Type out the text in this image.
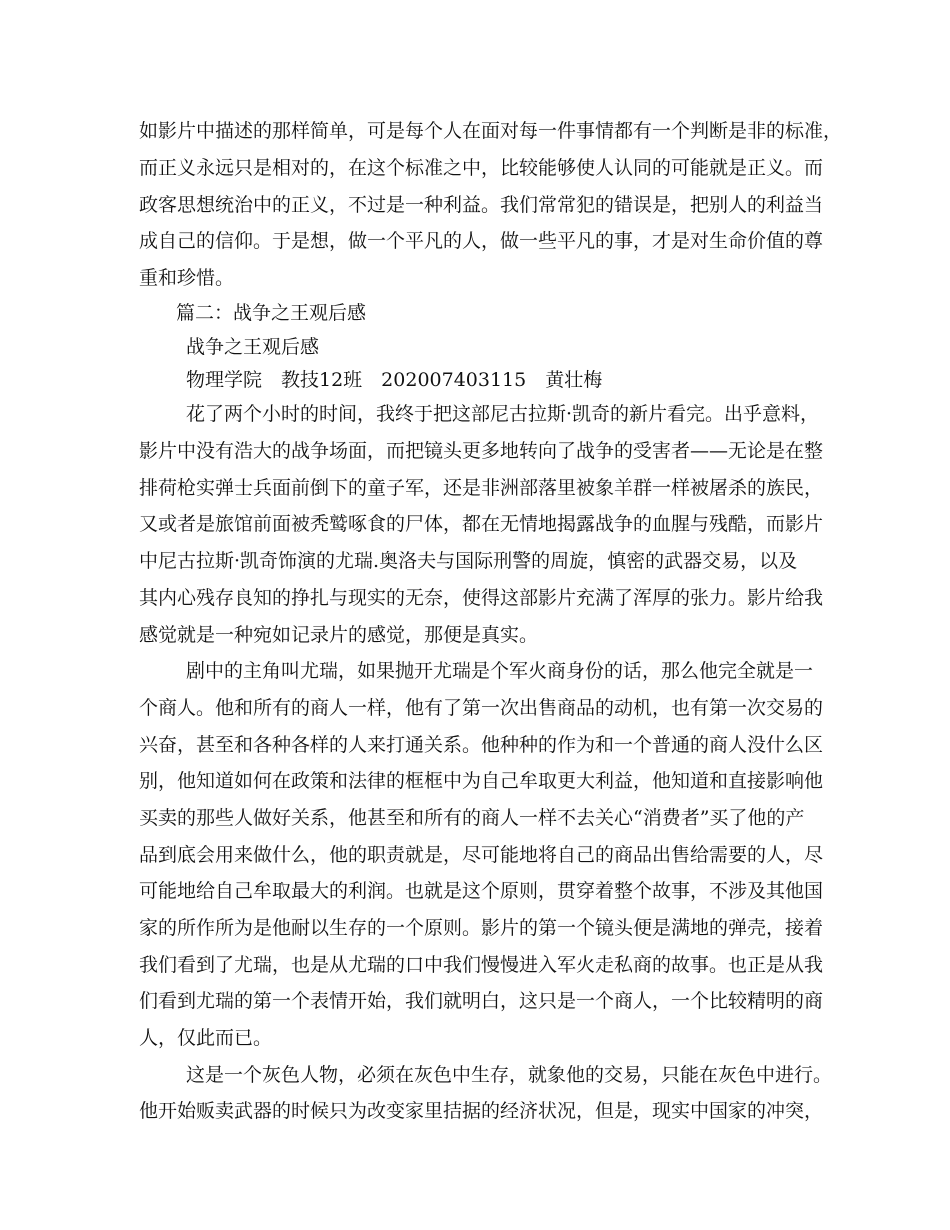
如影片中描述的那样简单，可是每个人在面对每一件事情都有一个判断是非的标准，
而正义永远只是相对的，在这个标准之中，比较能够使人认同的可能就是正义。而
政客思想统治中的正义，不过是一种利益。我们常常犯的错误是，把别人的利益当
成自己的信仰。于是想，做一个平凡的人，做一些平凡的事，才是对生命价值的尊
重和珍惜。
篇二：战争之王观后感
战争之王观后感
物理学院　教技12班　202007403115　黄壮梅
花了两个小时的时间，我终于把这部尼古拉斯·凯奇的新片看完。出乎意料，
影片中没有浩大的战争场面，而把镜头更多地转向了战争的受害者——无论是在整
排荷枪实弹士兵面前倒下的童子军，还是非洲部落里被象羊群一样被屠杀的族民，
又或者是旅馆前面被秃鹫啄食的尸体，都在无情地揭露战争的血腥与残酷，而影片
中尼古拉斯·凯奇饰演的尤瑞.奥洛夫与国际刑警的周旋，慎密的武器交易，以及
其内心残存良知的挣扎与现实的无奈，使得这部影片充满了浑厚的张力。影片给我
感觉就是一种宛如记录片的感觉，那便是真实。
剧中的主角叫尤瑞，如果抛开尤瑞是个军火商身份的话，那么他完全就是一
个商人。他和所有的商人一样，他有了第一次出售商品的动机，也有第一次交易的
兴奋，甚至和各种各样的人来打通关系。他种种的作为和一个普通的商人没什么区
别，他知道如何在政策和法律的框框中为自己牟取更大利益，他知道和直接影响他
买卖的那些人做好关系，他甚至和所有的商人一样不去关心“消费者”买了他的产
品到底会用来做什么，他的职责就是，尽可能地将自己的商品出售给需要的人，尽
可能地给自己牟取最大的利润。也就是这个原则，贯穿着整个故事，不涉及其他国
家的所作所为是他耐以生存的一个原则。影片的第一个镜头便是满地的弹壳，接着
我们看到了尤瑞，也是从尤瑞的口中我们慢慢进入军火走私商的故事。也正是从我
们看到尤瑞的第一个表情开始，我们就明白，这只是一个商人，一个比较精明的商
人，仅此而已。
这是一个灰色人物，必须在灰色中生存，就象他的交易，只能在灰色中进行。
他开始贩卖武器的时候只为改变家里拮据的经济状况，但是，现实中国家的冲突，
